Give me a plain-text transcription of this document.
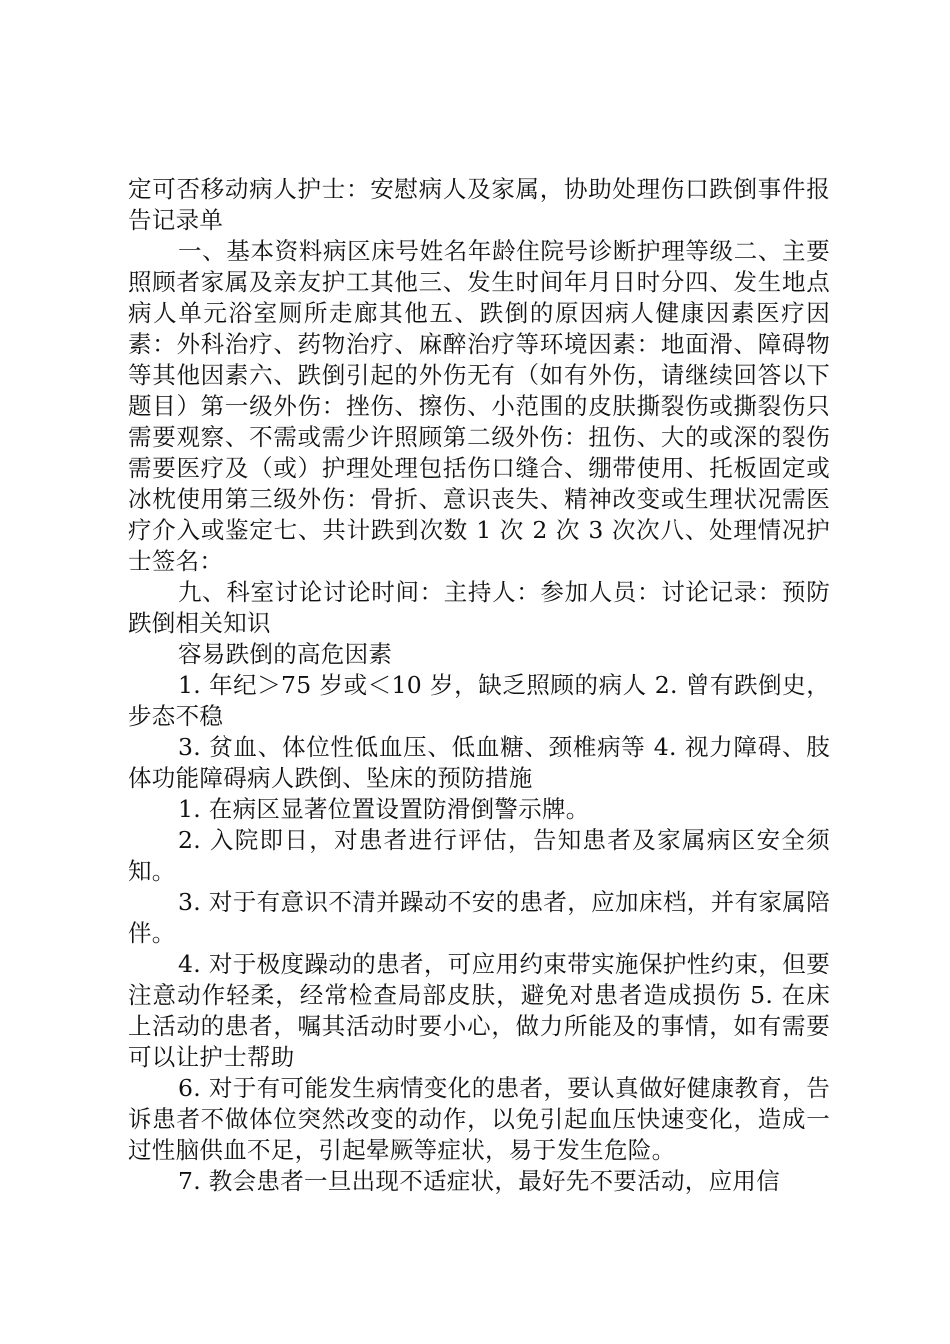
定可否移动病人护士：安慰病人及家属，协助处理伤口跌倒事件报告记录单

一、基本资料病区床号姓名年龄住院号诊断护理等级二、主要照顾者家属及亲友护工其他三、发生时间年月日时分四、发生地点病人单元浴室厕所走廊其他五、跌倒的原因病人健康因素医疗因素：外科治疗、药物治疗、麻醉治疗等环境因素：地面滑、障碍物等其他因素六、跌倒引起的外伤无有（如有外伤，请继续回答以下题目）第一级外伤：挫伤、擦伤、小范围的皮肤撕裂伤或撕裂伤只需要观察、不需或需少许照顾第二级外伤：扭伤、大的或深的裂伤需要医疗及（或）护理处理包括伤口缝合、绷带使用、托板固定或冰枕使用第三级外伤：骨折、意识丧失、精神改变或生理状况需医疗介入或鉴定七、共计跌到次数 1 次 2 次 3 次次八、处理情况护士签名：

九、科室讨论讨论时间：主持人：参加人员：讨论记录：预防跌倒相关知识

容易跌倒的高危因素

1. 年纪＞75 岁或＜10 岁，缺乏照顾的病人 2. 曾有跌倒史，步态不稳

3. 贫血、体位性低血压、低血糖、颈椎病等 4. 视力障碍、肢体功能障碍病人跌倒、坠床的预防措施

1. 在病区显著位置设置防滑倒警示牌。

2. 入院即日，对患者进行评估，告知患者及家属病区安全须知。

3. 对于有意识不清并躁动不安的患者，应加床档，并有家属陪伴。

4. 对于极度躁动的患者，可应用约束带实施保护性约束，但要注意动作轻柔，经常检查局部皮肤，避免对患者造成损伤 5. 在床上活动的患者，嘱其活动时要小心，做力所能及的事情，如有需要可以让护士帮助

6. 对于有可能发生病情变化的患者，要认真做好健康教育，告诉患者不做体位突然改变的动作，以免引起血压快速变化，造成一过性脑供血不足，引起晕厥等症状，易于发生危险。

7. 教会患者一旦出现不适症状，最好先不要活动，应用信
